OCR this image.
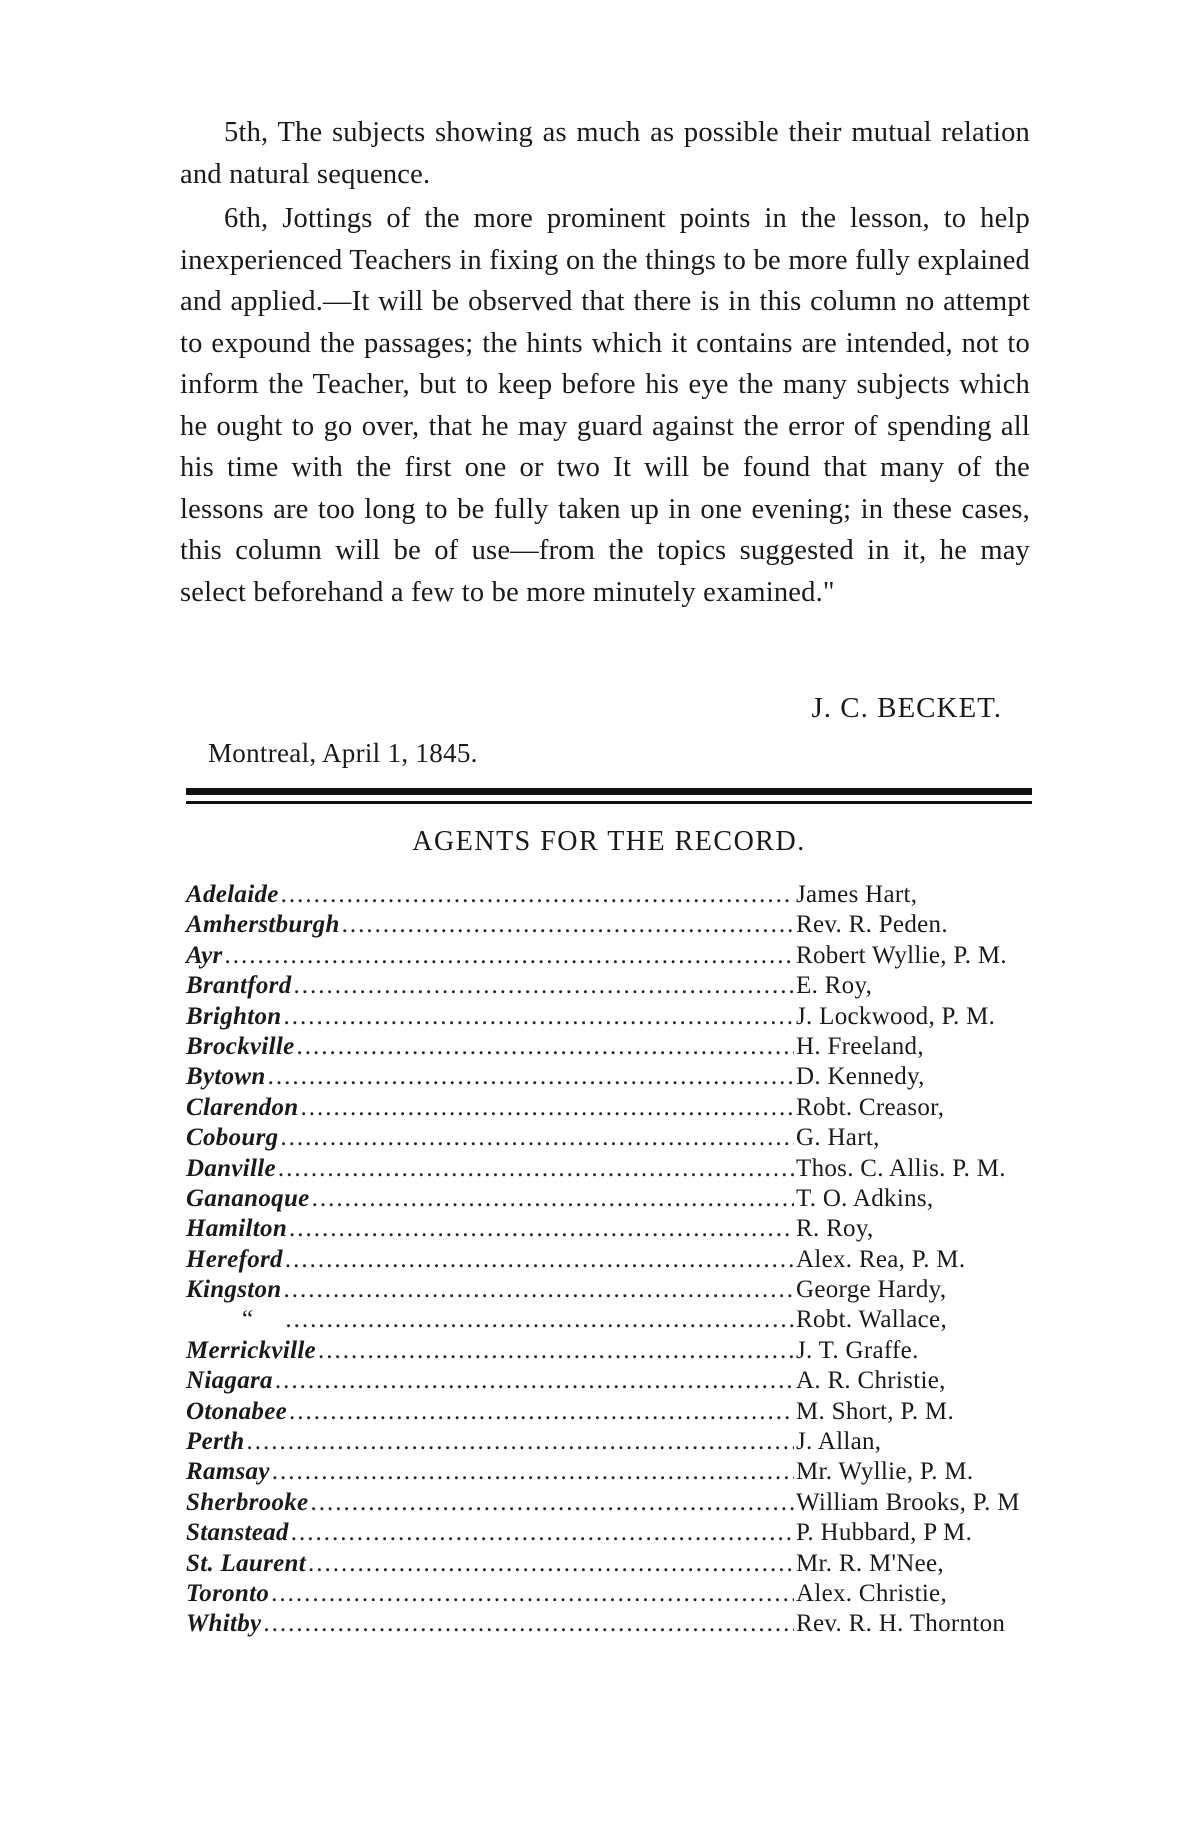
5th, The subjects showing as much as possible their mutual relation and natural sequence.

6th, Jottings of the more prominent points in the lesson, to help inexperienced Teachers in fixing on the things to be more fully explained and applied.—It will be observed that there is in this column no attempt to expound the passages; the hints which it contains are intended, not to inform the Teacher, but to keep before his eye the many subjects which he ought to go over, that he may guard against the error of spending all his time with the first one or two It will be found that many of the lessons are too long to be fully taken up in one evening; in these cases, this column will be of use—from the topics suggested in it, he may select beforehand a few to be more minutely examined."

J. C. BECKET.
Montreal, April 1, 1845.
AGENTS FOR THE RECORD.
Adelaide .....	James Hart,
Amherstburgh .....	Rev. R. Peden.
Ayr .....	Robert Wyllie, P. M.
Brantford .....	E. Roy,
Brighton .....	J. Lockwood, P. M.
Brockville .....	H. Freeland,
Bytown .....	D. Kennedy,
Clarendon .....	Robt. Creasor,
Cobourg .....	G. Hart,
Danville .....	Thos. C. Allis. P. M.
Gananoque .....	T. O. Adkins,
Hamilton .....	R. Roy,
Hereford .....	Alex. Rea, P. M.
Kingston .....	George Hardy,
“ .....	Robt. Wallace,
Merrickville .....	J. T. Graffe.
Niagara .....	A. R. Christie,
Otonabee .....	M. Short, P. M.
Perth .....	J. Allan,
Ramsay .....	Mr. Wyllie, P. M.
Sherbrooke .....	William Brooks, P. M
Stanstead .....	P. Hubbard, P M.
St. Laurent .....	Mr. R. M'Nee,
Toronto .....	Alex. Christie,
Whitby .....	Rev. R. H. Thornton
